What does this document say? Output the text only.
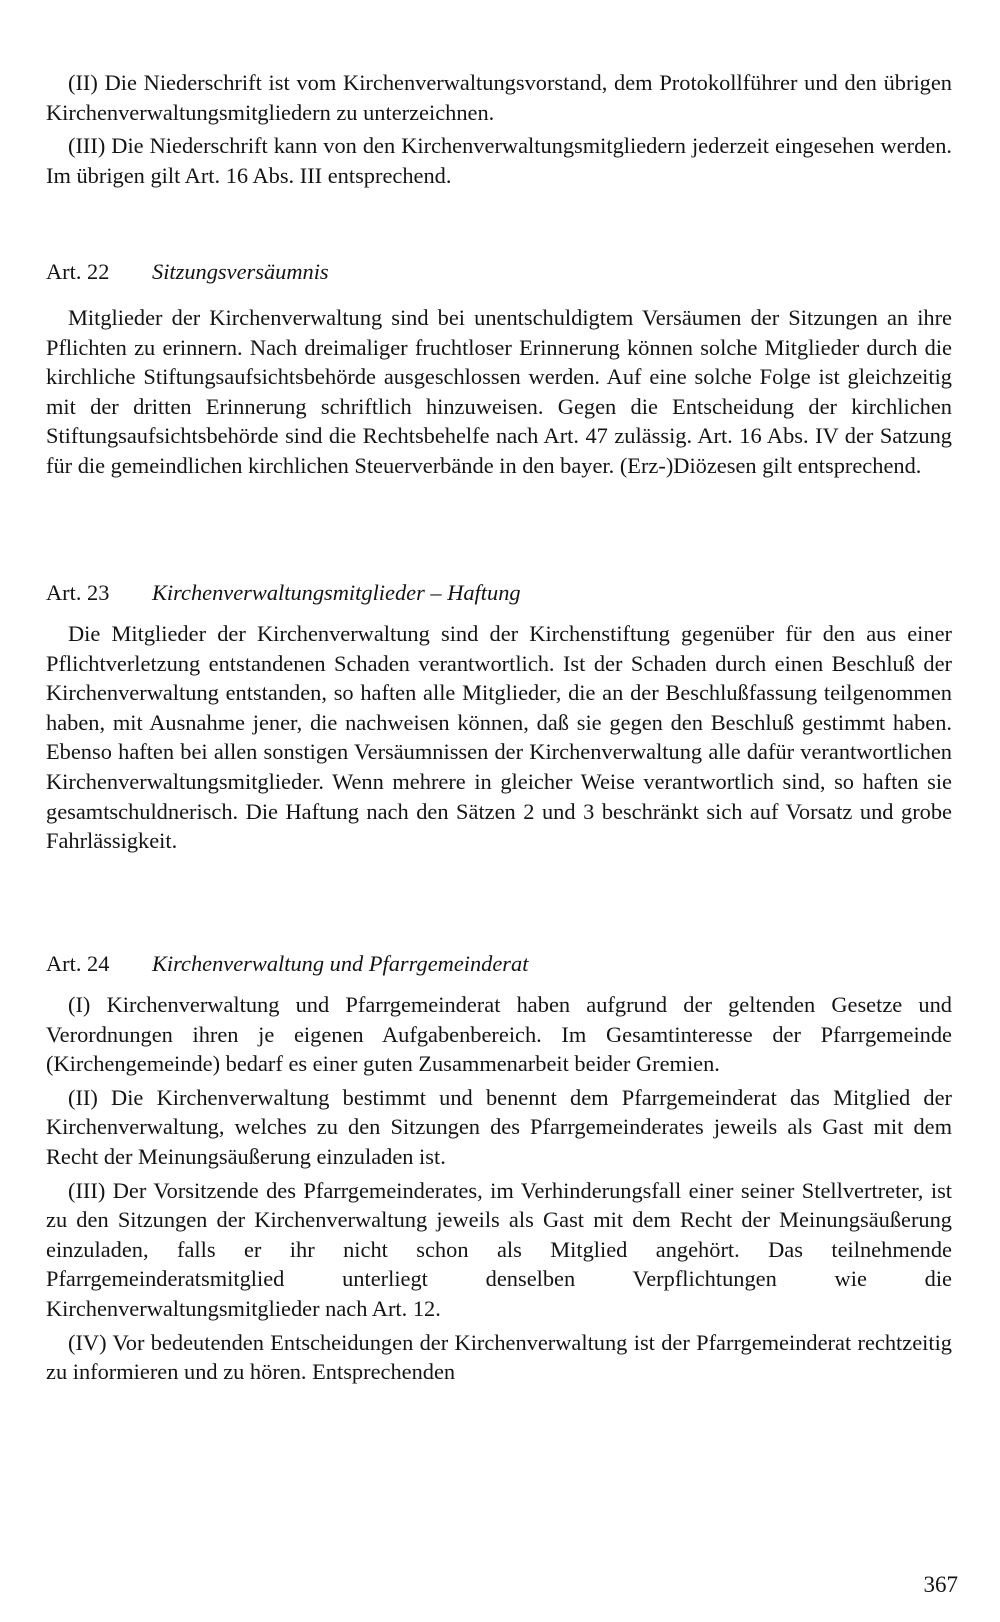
(II) Die Niederschrift ist vom Kirchenverwaltungsvorstand, dem Protokollführer und den übrigen Kirchenverwaltungsmitgliedern zu unterzeichnen.

(III) Die Niederschrift kann von den Kirchenverwaltungsmitgliedern jederzeit eingesehen werden. Im übrigen gilt Art. 16 Abs. III entsprechend.

Art. 22 Sitzungsversäumnis

Mitglieder der Kirchenverwaltung sind bei unentschuldigtem Versäumen der Sitzungen an ihre Pflichten zu erinnern. Nach dreimaliger fruchtloser Erinnerung können solche Mitglieder durch die kirchliche Stiftungsaufsichtsbehörde ausgeschlossen werden. Auf eine solche Folge ist gleichzeitig mit der dritten Erinnerung schriftlich hinzuweisen. Gegen die Entscheidung der kirchlichen Stiftungsaufsichtsbehörde sind die Rechtsbehelfe nach Art. 47 zulässig. Art. 16 Abs. IV der Satzung für die gemeindlichen kirchlichen Steuerverbände in den bayer. (Erz-)Diözesen gilt entsprechend.

Art. 23 Kirchenverwaltungsmitglieder – Haftung

Die Mitglieder der Kirchenverwaltung sind der Kirchenstiftung gegenüber für den aus einer Pflichtverletzung entstandenen Schaden verantwortlich. Ist der Schaden durch einen Beschluß der Kirchenverwaltung entstanden, so haften alle Mitglieder, die an der Beschlußfassung teilgenommen haben, mit Ausnahme jener, die nachweisen können, daß sie gegen den Beschluß gestimmt haben. Ebenso haften bei allen sonstigen Versäumnissen der Kirchenverwaltung alle dafür verantwortlichen Kirchenverwaltungsmitglieder. Wenn mehrere in gleicher Weise verantwortlich sind, so haften sie gesamtschuldnerisch. Die Haftung nach den Sätzen 2 und 3 beschränkt sich auf Vorsatz und grobe Fahrlässigkeit.

Art. 24 Kirchenverwaltung und Pfarrgemeinderat

(I) Kirchenverwaltung und Pfarrgemeinderat haben aufgrund der geltenden Gesetze und Verordnungen ihren je eigenen Aufgabenbereich. Im Gesamtinteresse der Pfarrgemeinde (Kirchengemeinde) bedarf es einer guten Zusammenarbeit beider Gremien.

(II) Die Kirchenverwaltung bestimmt und benennt dem Pfarrgemeinderat das Mitglied der Kirchenverwaltung, welches zu den Sitzungen des Pfarrgemeinderates jeweils als Gast mit dem Recht der Meinungsäußerung einzuladen ist.

(III) Der Vorsitzende des Pfarrgemeinderates, im Verhinderungsfall einer seiner Stellvertreter, ist zu den Sitzungen der Kirchenverwaltung jeweils als Gast mit dem Recht der Meinungsäußerung einzuladen, falls er ihr nicht schon als Mitglied angehört. Das teilnehmende Pfarrgemeinderatsmitglied unterliegt denselben Verpflichtungen wie die Kirchenverwaltungsmitglieder nach Art. 12.

(IV) Vor bedeutenden Entscheidungen der Kirchenverwaltung ist der Pfarrgemeinderat rechtzeitig zu informieren und zu hören. Entsprechenden

367
